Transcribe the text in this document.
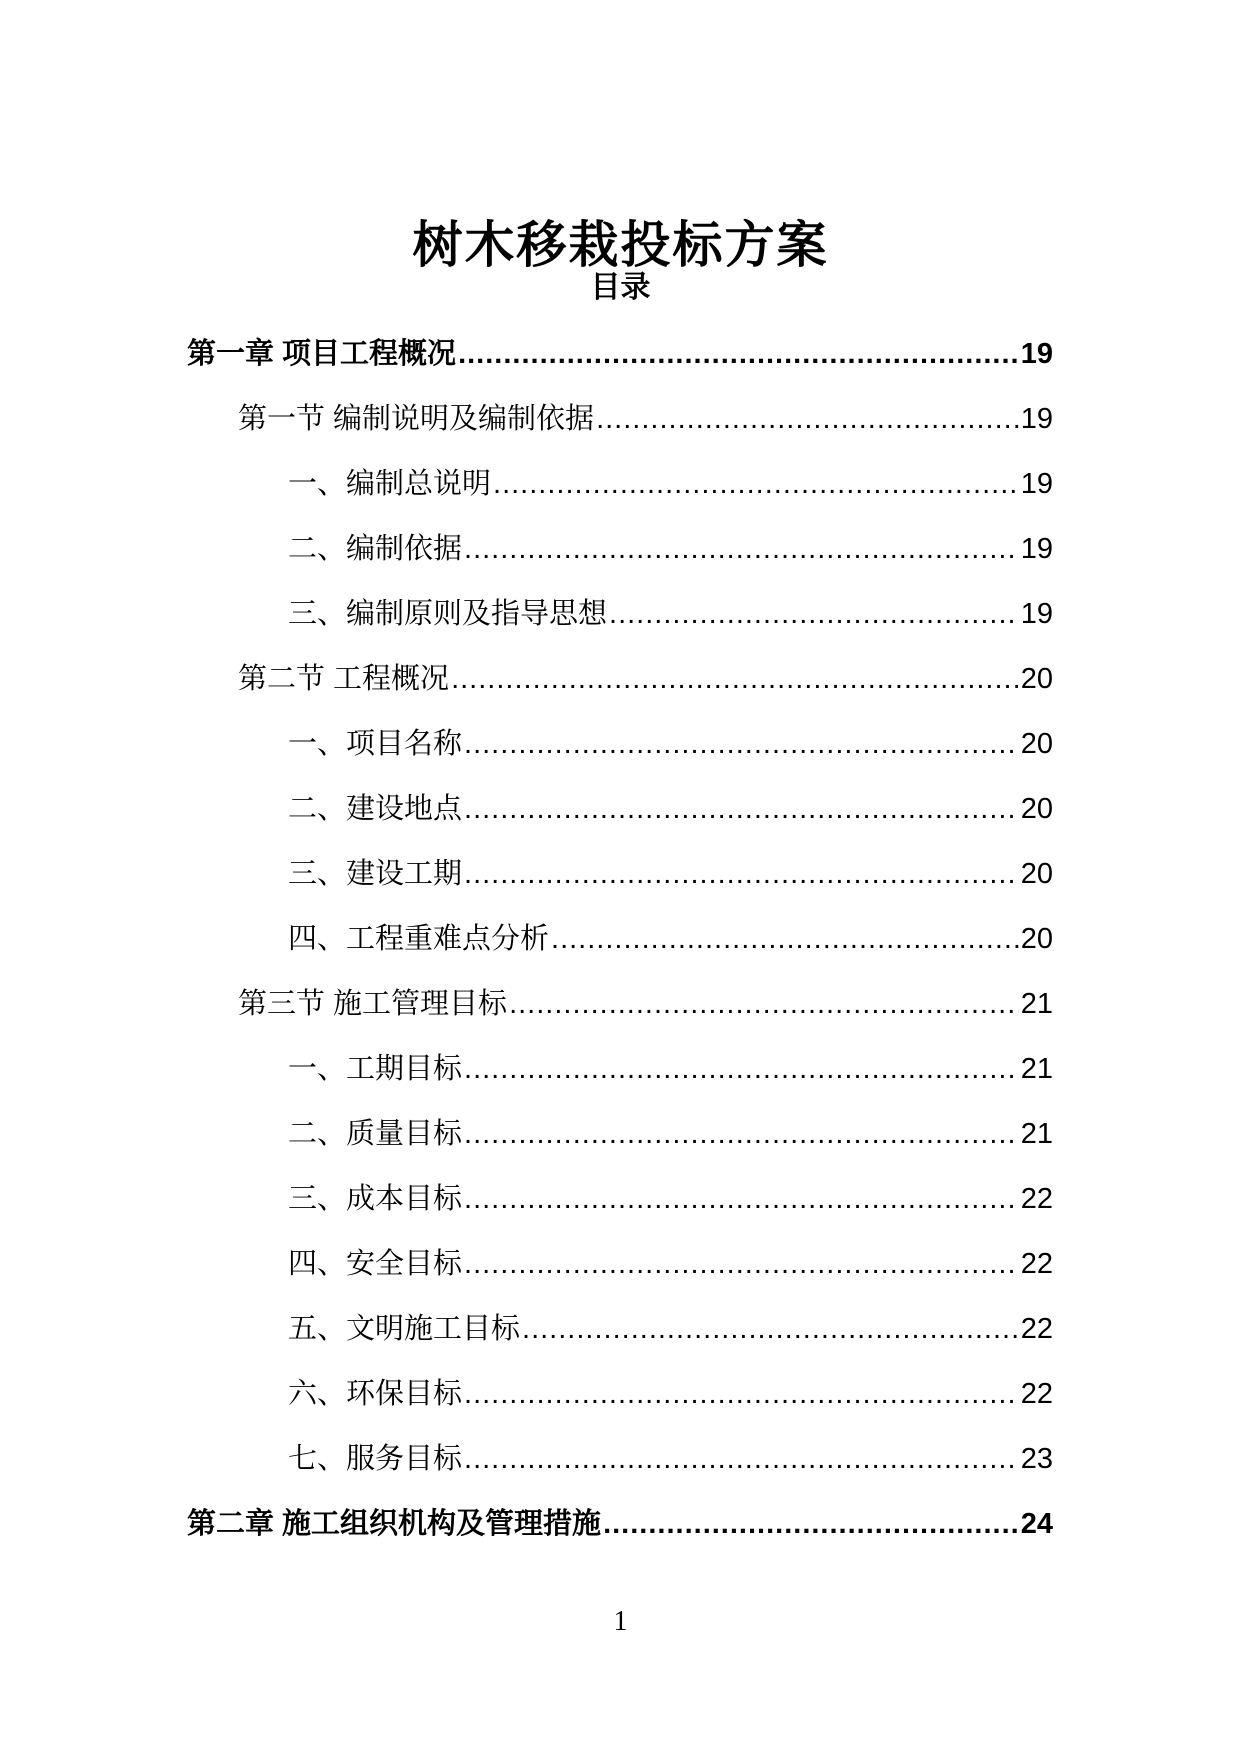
树木移栽投标方案
目录
第一章 项目工程概况 .....	19
第一节 编制说明及编制依据 .....	19
一、编制总说明 .....	19
二、编制依据 .....	19
三、编制原则及指导思想 .....	19
第二节 工程概况 .....	20
一、项目名称 .....	20
二、建设地点 .....	20
三、建设工期 .....	20
四、工程重难点分析 .....	20
第三节 施工管理目标 .....	21
一、工期目标 .....	21
二、质量目标 .....	21
三、成本目标 .....	22
四、安全目标 .....	22
五、文明施工目标 .....	22
六、环保目标 .....	22
七、服务目标 .....	23
第二章 施工组织机构及管理措施 .....	24
1
